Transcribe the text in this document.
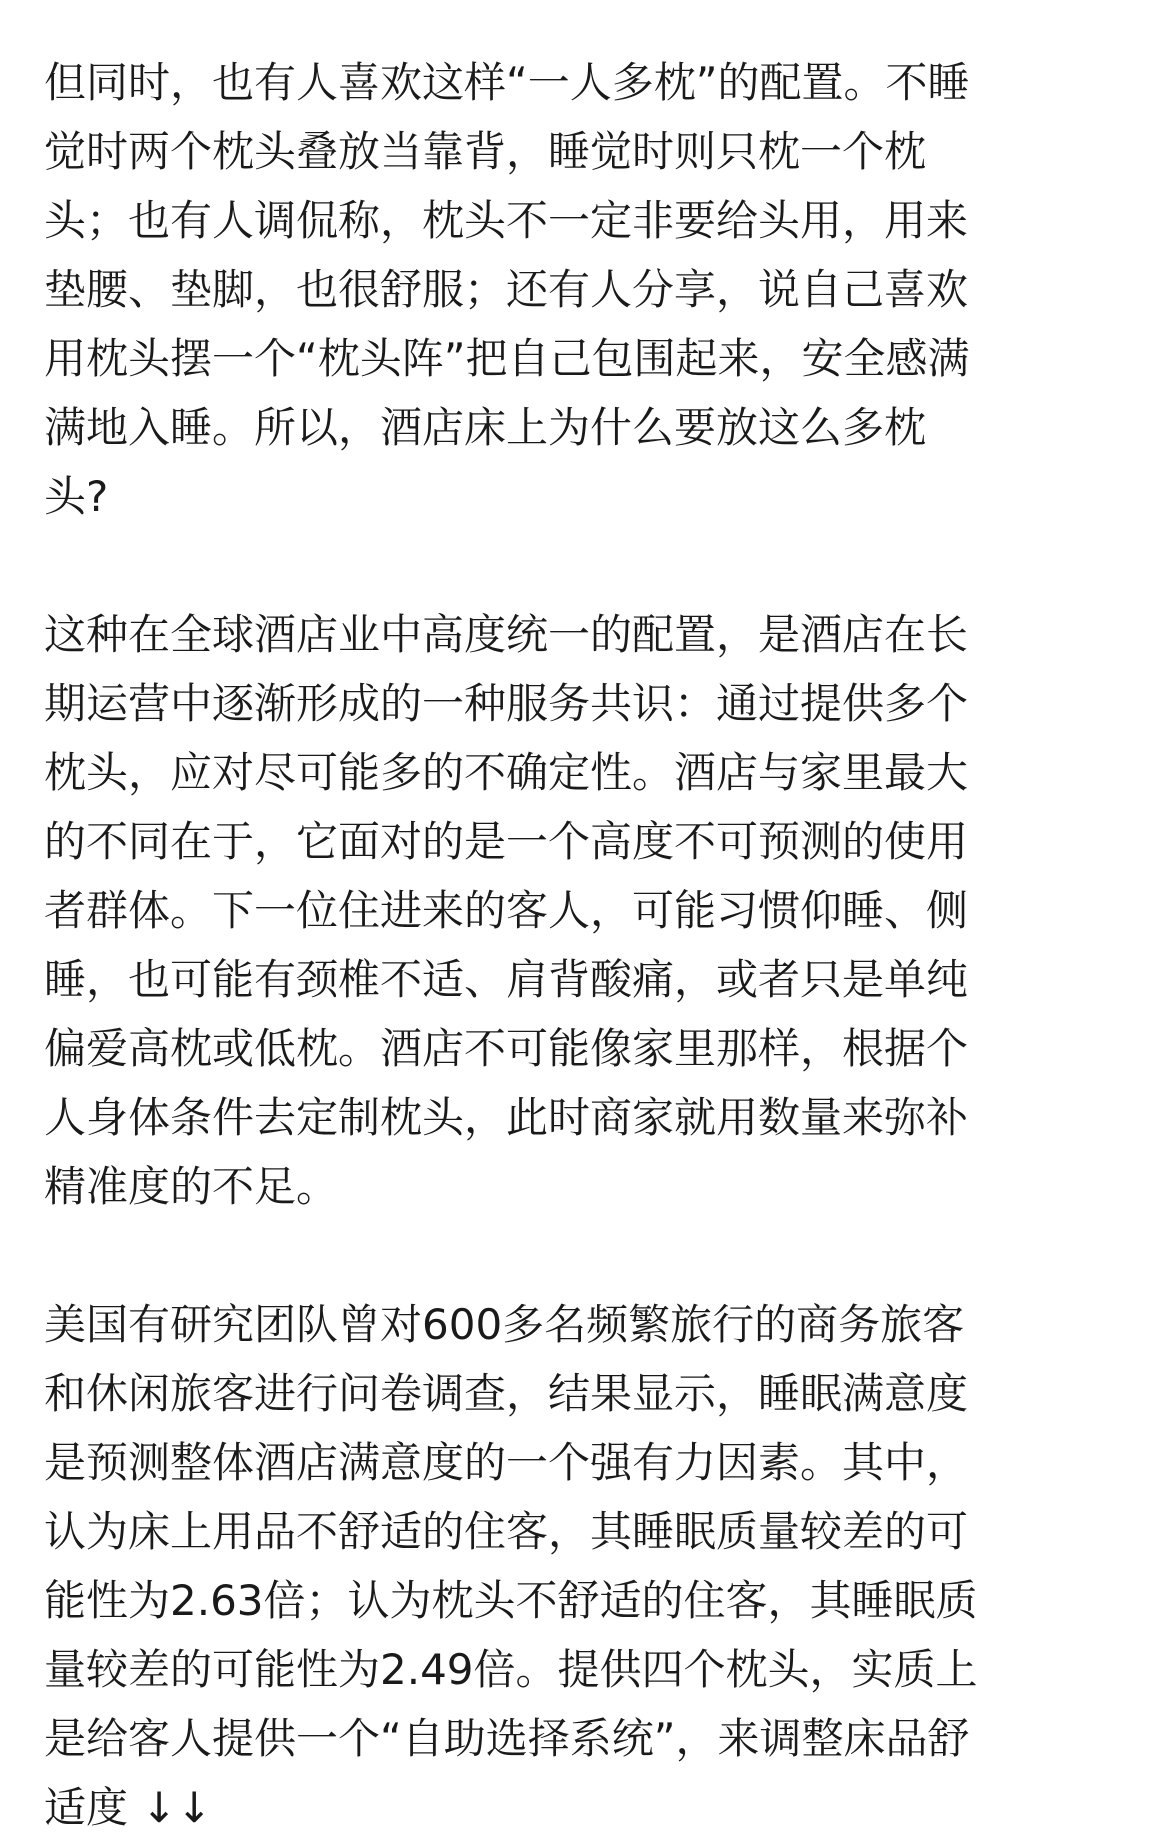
但同时，也有人喜欢这样“一人多枕”的配置。不睡
觉时两个枕头叠放当靠背，睡觉时则只枕一个枕
头；也有人调侃称，枕头不一定非要给头用，用来
垫腰、垫脚，也很舒服；还有人分享，说自己喜欢
用枕头摆一个“枕头阵”把自己包围起来，安全感满
满地入睡。所以，酒店床上为什么要放这么多枕
头?

这种在全球酒店业中高度统一的配置，是酒店在长
期运营中逐渐形成的一种服务共识：通过提供多个
枕头，应对尽可能多的不确定性。酒店与家里最大
的不同在于，它面对的是一个高度不可预测的使用
者群体。下一位住进来的客人，可能习惯仰睡、侧
睡，也可能有颈椎不适、肩背酸痛，或者只是单纯
偏爱高枕或低枕。酒店不可能像家里那样，根据个
人身体条件去定制枕头，此时商家就用数量来弥补
精准度的不足。

美国有研究团队曾对600多名频繁旅行的商务旅客
和休闲旅客进行问卷调查，结果显示，睡眠满意度
是预测整体酒店满意度的一个强有力因素。其中，
认为床上用品不舒适的住客，其睡眠质量较差的可
能性为2.63倍；认为枕头不舒适的住客，其睡眠质
量较差的可能性为2.49倍。提供四个枕头，实质上
是给客人提供一个“自助选择系统”，来调整床品舒
适度 ↓↓
